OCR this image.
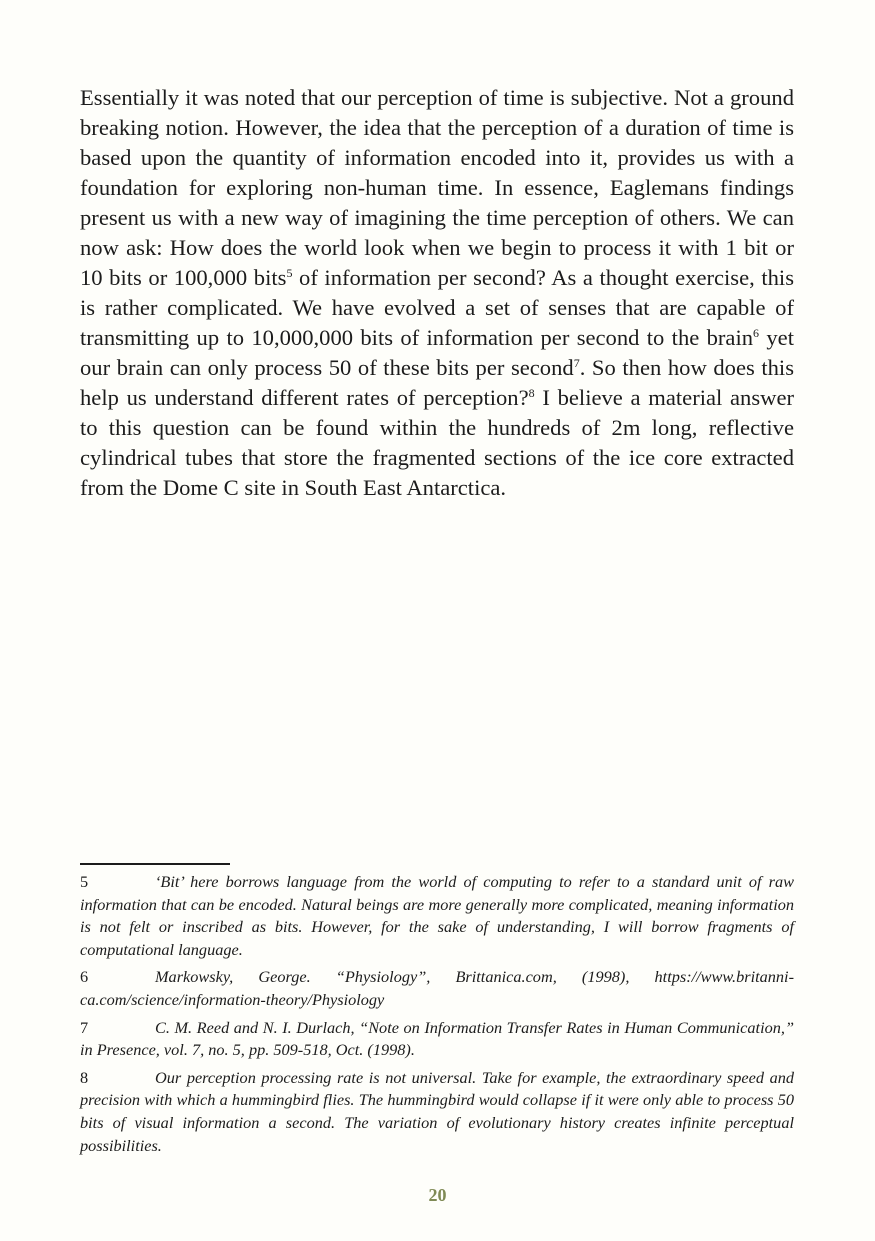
Essentially it was noted that our perception of time is subjective. Not a ground breaking notion. However, the idea that the perception of a duration of time is based upon the quantity of information encoded into it, provides us with a foundation for exploring non-human time. In essence, Eaglemans findings present us with a new way of imagining the time perception of others. We can now ask: How does the world look when we begin to process it with 1 bit or 10 bits or 100,000 bits$^5$ of information per second? As a thought exercise, this is rather complicated. We have evolved a set of senses that are capable of transmitting up to 10,000,000 bits of information per second to the brain$^6$ yet our brain can only process 50 of these bits per second$^7$. So then how does this help us understand different rates of perception?$^8$ I believe a material answer to this question can be found within the hundreds of 2m long, reflective cylindrical tubes that store the fragmented sections of the ice core extracted from the Dome C site in South East Antarctica.

5	‘Bit’ here borrows language from the world of computing to refer to a standard unit of raw information that can be encoded. Natural beings are more generally more complicated, meaning information is not felt or inscribed as bits. However, for the sake of understanding, I will borrow fragments of computational language.

6	Markowsky, George. “Physiology”, Brittanica.com, (1998), https://www.britanni-ca.com/science/information-theory/Physiology

7	C. M. Reed and N. I. Durlach, “Note on Information Transfer Rates in Human Communication,” in Presence, vol. 7, no. 5, pp. 509-518, Oct. (1998).

8	Our perception processing rate is not universal. Take for example, the extraordinary speed and precision with which a hummingbird flies. The hummingbird would collapse if it were only able to process 50 bits of visual information a second. The variation of evolutionary history creates infinite perceptual possibilities.

20
